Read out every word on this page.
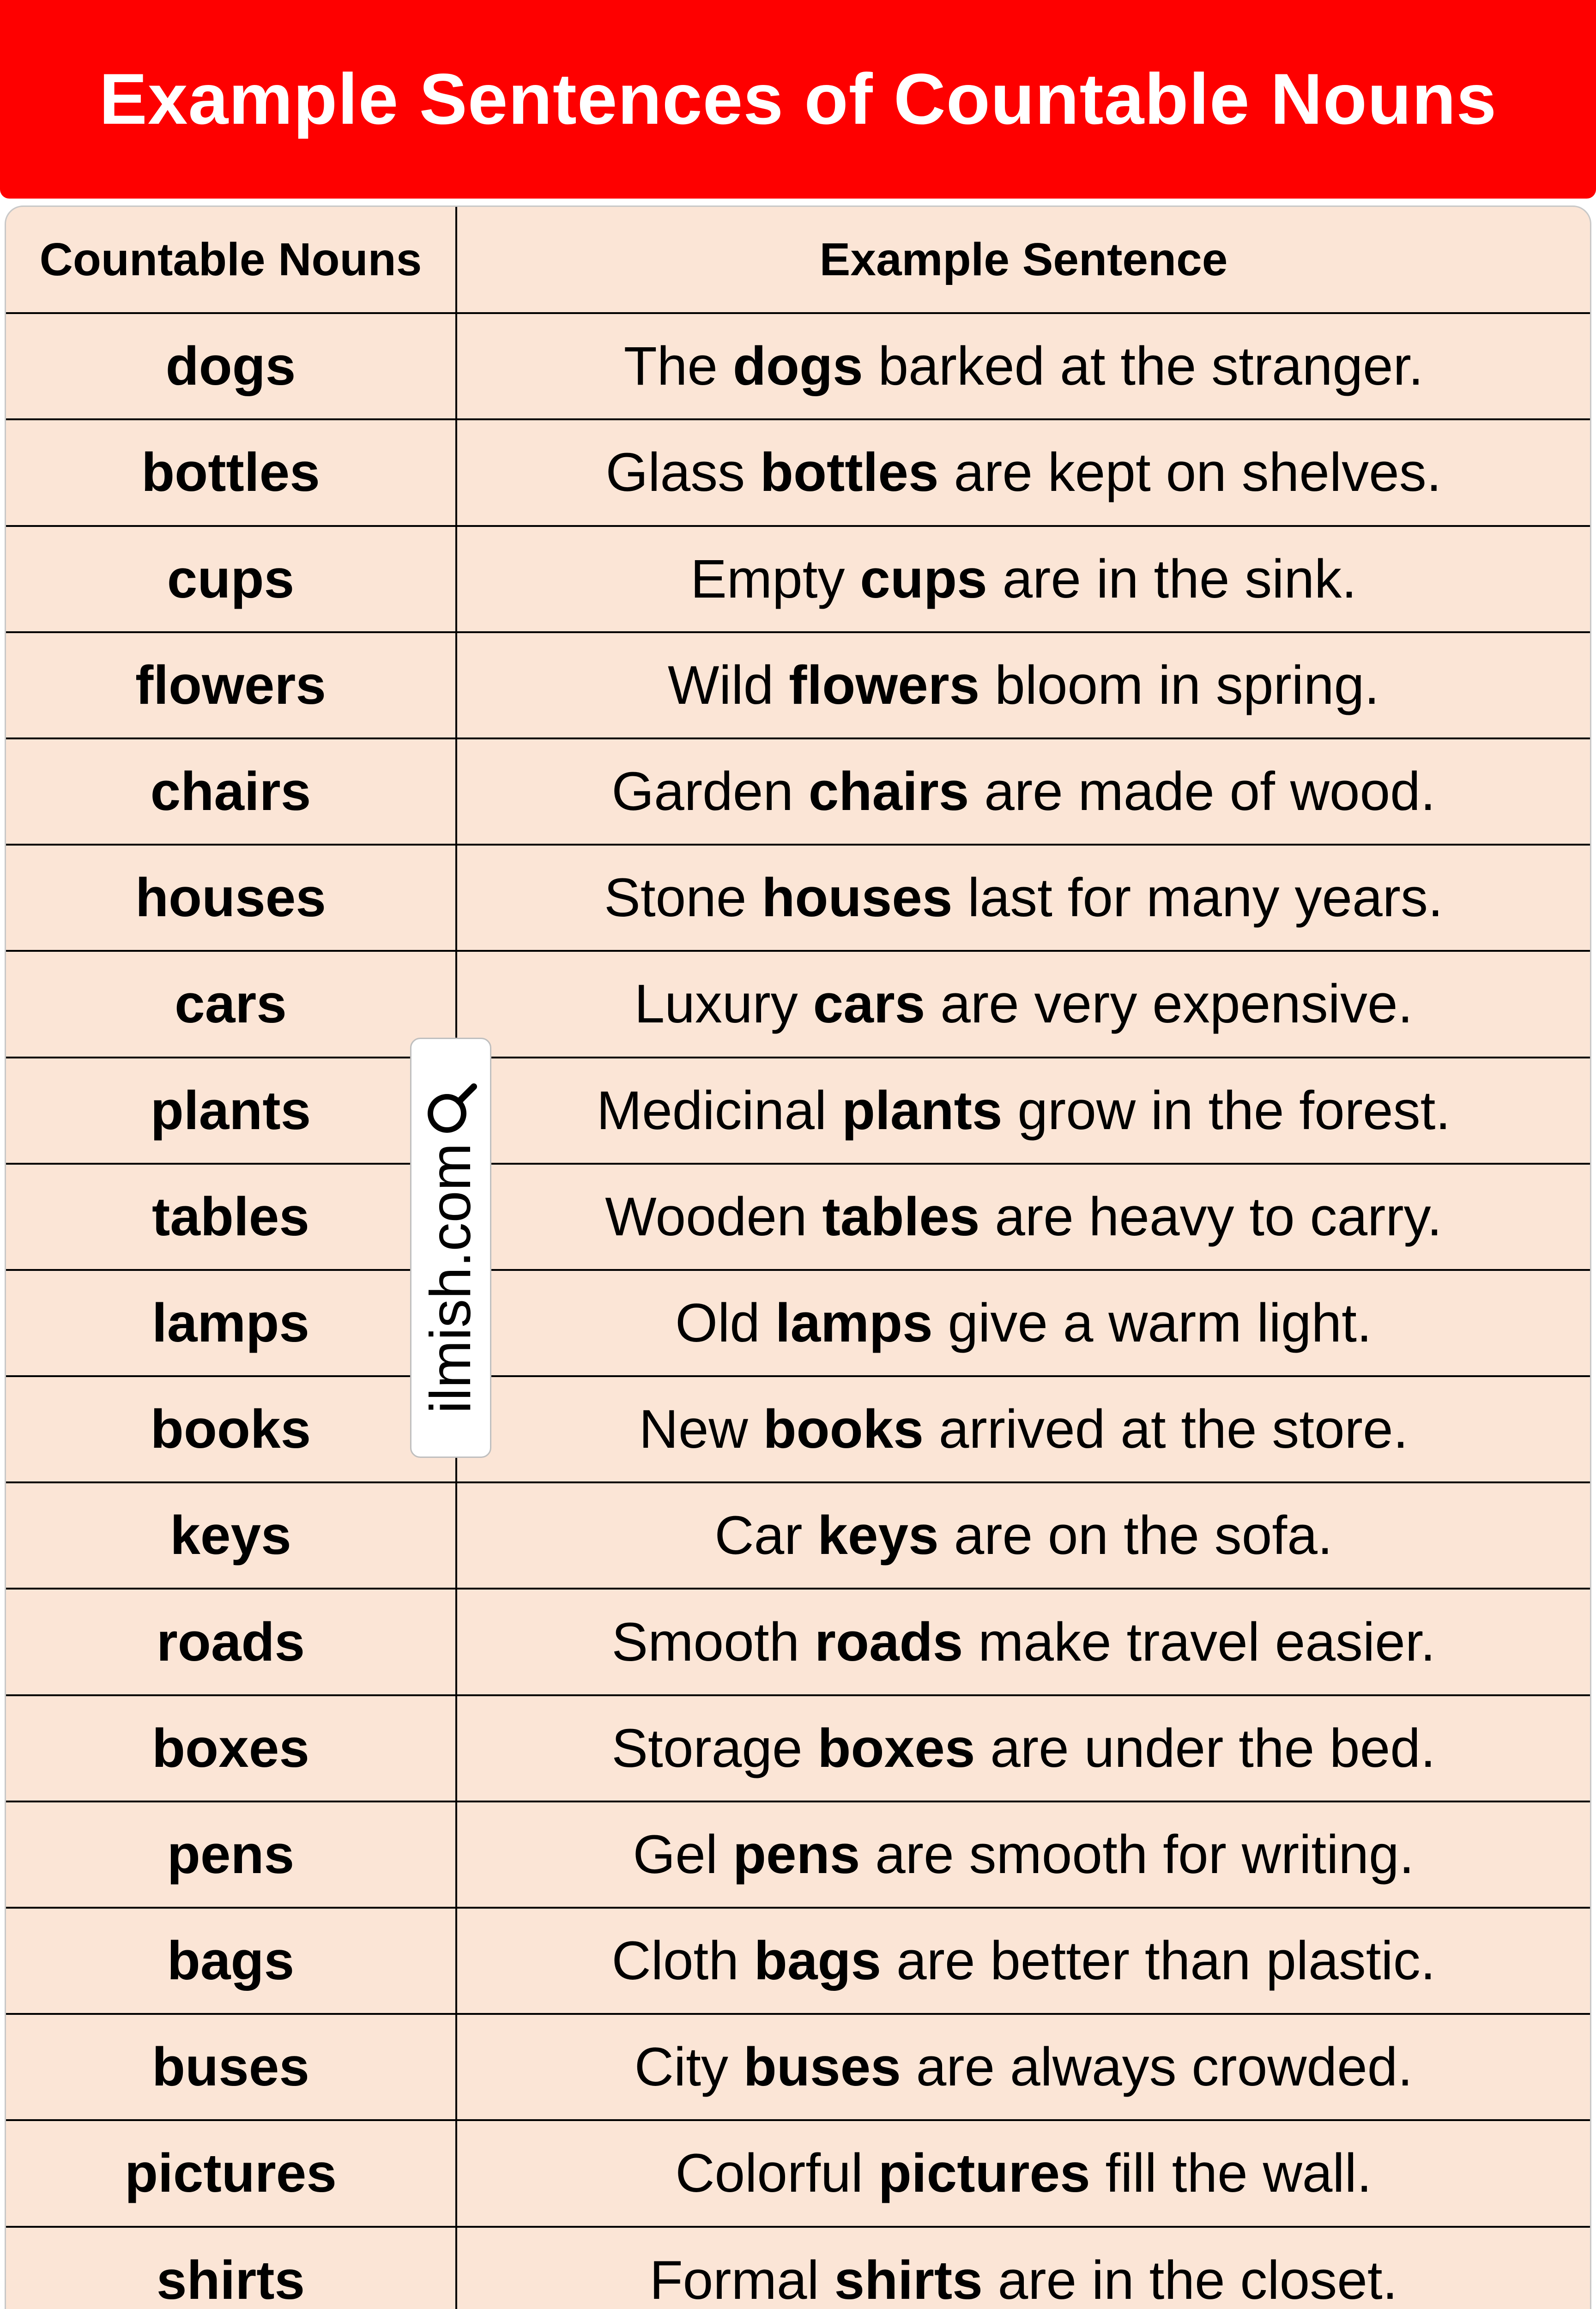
Example Sentences of Countable Nouns
Countable Nouns	Example Sentence
dogs	The dogs barked at the stranger.
bottles	Glass bottles are kept on shelves.
cups	Empty cups are in the sink.
flowers	Wild flowers bloom in spring.
chairs	Garden chairs are made of wood.
houses	Stone houses last for many years.
cars	Luxury cars are very expensive.
plants	Medicinal plants grow in the forest.
tables	Wooden tables are heavy to carry.
lamps	Old lamps give a warm light.
books	New books arrived at the store.
keys	Car keys are on the sofa.
roads	Smooth roads make travel easier.
boxes	Storage boxes are under the bed.
pens	Gel pens are smooth for writing.
bags	Cloth bags are better than plastic.
buses	City buses are always crowded.
pictures	Colorful pictures fill the wall.
shirts	Formal shirts are in the closet.
ilmish.com
